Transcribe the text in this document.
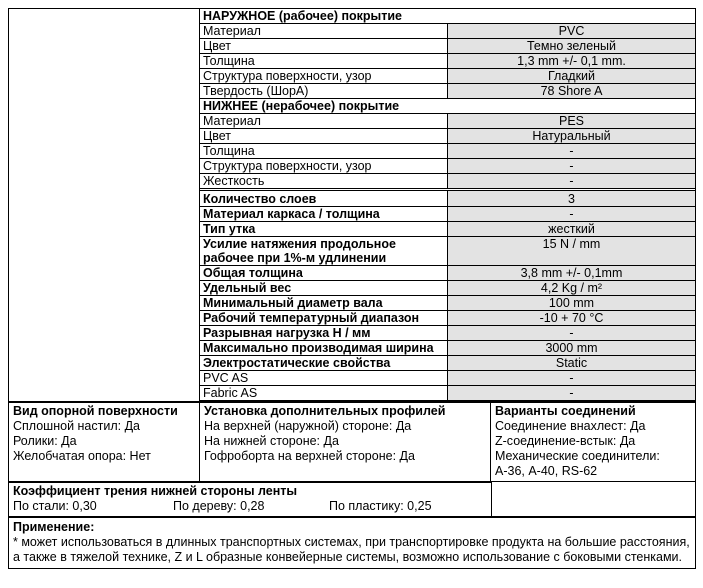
НАРУЖНОЕ (рабочее) покрытие	
Материал	PVC
Цвет	Темно зеленый
Толщина	1,3 mm +/- 0,1 mm.
Структура поверхности, узор	Гладкий
Твердость (ШорА)	78 Shore A
НИЖНЕЕ (нерабочее) покрытие	
Материал	PES
Цвет	Натуральный
Толщина	-
Структура поверхности, узор	-
Жесткость	-
Количество слоев	3
Материал каркаса / толщина	-
Тип утка	жесткий
Усилие натяжения продольное рабочее при 1%-м удлинении	15 N / mm
Общая толщина	3,8 mm +/- 0,1mm
Удельный вес	4,2 Kg / m²
Минимальный диаметр вала	100 mm
Рабочий температурный диапазон	-10 + 70 °C
Разрывная нагрузка Н / мм	-
Максимально производимая ширина	3000 mm
Электростатические свойства	Static
PVC AS	-
Fabric AS	-
Вид опорной поверхности
Сплошной настил: Да
Ролики: Да
Желобчатая опора: Нет
Установка дополнительных профилей
На верхней (наружной) стороне: Да
На нижней стороне: Да
Гофроборта на верхней стороне: Да
Варианты соединений
Соединение внахлест: Да
Z-соединение-встык: Да
Механические соединители: А-36, А-40, RS-62
Коэффициент трения нижней стороны ленты
По стали: 0,30	По дереву: 0,28	По пластику: 0,25
Применение:
* может использоваться в длинных транспортных системах, при транспортировке продукта на большие расстояния, а также в тяжелой технике, Z и L образные конвейерные системы, возможно использование с боковыми стенками.
